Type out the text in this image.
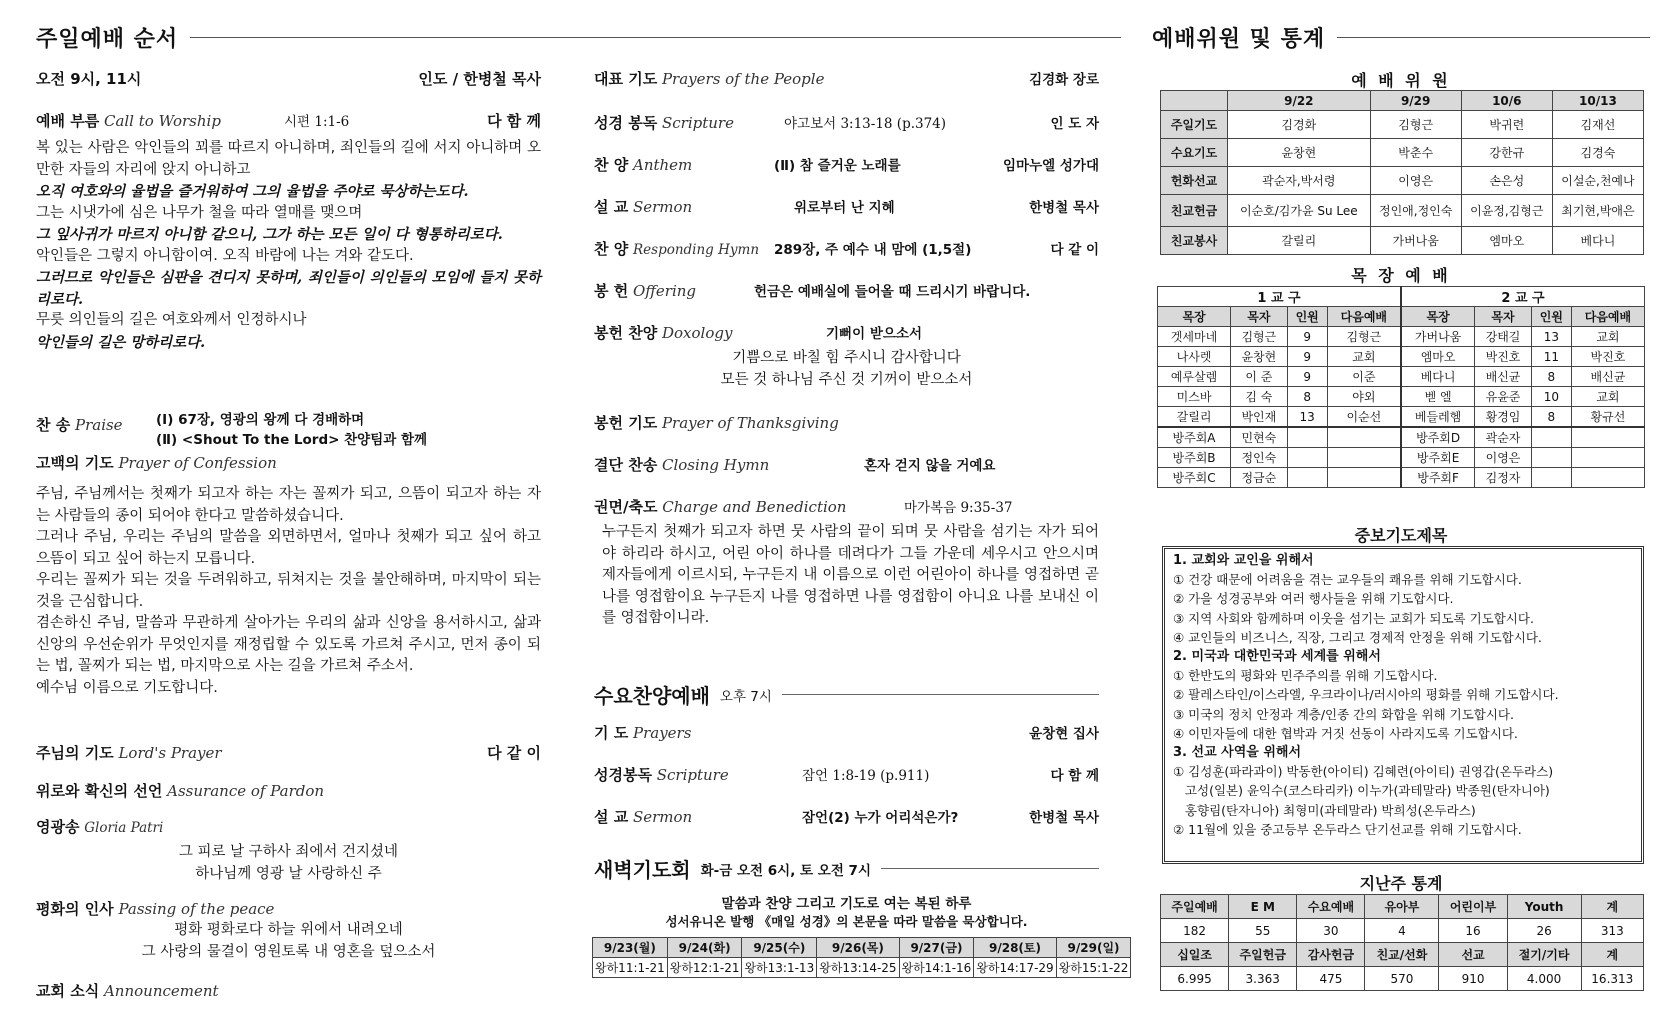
주일예배 순서
오전 9시, 11시	인도 / 한병철 목사
예배 부름 Call to Worship	시편 1:1-6	다 함 께
복 있는 사람은 악인들의 꾀를 따르지 아니하며, 죄인들의 길에 서지 아니하며 오만한 자들의 자리에 앉지 아니하고
오직 여호와의 율법을 즐거워하여 그의 율법을 주야로 묵상하는도다.
그는 시냇가에 심은 나무가 철을 따라 열매를 맺으며
그 잎사귀가 마르지 아니함 같으니, 그가 하는 모든 일이 다 형통하리로다.
악인들은 그렇지 아니함이여. 오직 바람에 나는 겨와 같도다.
그러므로 악인들은 심판을 견디지 못하며, 죄인들이 의인들의 모임에 들지 못하리로다.
무릇 의인들의 길은 여호와께서 인정하시나
악인들의 길은 망하리로다.
찬 송 Praise (Ⅰ) 67장, 영광의 왕께 다 경배하며
(Ⅱ) <Shout To the Lord> 찬양팀과 함께
고백의 기도 Prayer of Confession
주님, 주님께서는 첫째가 되고자 하는 자는 꼴찌가 되고, 으뜸이 되고자 하는 자는 사람들의 종이 되어야 한다고 말씀하셨습니다.
그러나 주님, 우리는 주님의 말씀을 외면하면서, 얼마나 첫째가 되고 싶어 하고 으뜸이 되고 싶어 하는지 모릅니다.
우리는 꼴찌가 되는 것을 두려워하고, 뒤쳐지는 것을 불안해하며, 마지막이 되는 것을 근심합니다.
겸손하신 주님, 말씀과 무관하게 살아가는 우리의 삶과 신앙을 용서하시고, 삶과 신앙의 우선순위가 무엇인지를 재정립할 수 있도록 가르쳐 주시고, 먼저 종이 되는 법, 꼴찌가 되는 법, 마지막으로 사는 길을 가르쳐 주소서.
예수님 이름으로 기도합니다.
주님의 기도 Lord's Prayer	다 같 이
위로와 확신의 선언 Assurance of Pardon
영광송 Gloria Patri
그 피로 날 구하사 죄에서 건지셨네
하나님께 영광 날 사랑하신 주
평화의 인사 Passing of the peace
평화 평화로다 하늘 위에서 내려오네
그 사랑의 물결이 영원토록 내 영혼을 덮으소서
교회 소식 Announcement
대표 기도 Prayers of the People	김경화 장로
성경 봉독 Scripture	야고보서 3:13-18 (p.374)	인 도 자
찬 양 Anthem	(Ⅱ) 참 즐거운 노래를	임마누엘 성가대
설 교 Sermon	위로부터 난 지혜	한병철 목사
찬 양 Responding Hymn 289장, 주 예수 내 맘에 (1,5절)	다 같 이
봉 헌 Offering	헌금은 예배실에 들어올 때 드리시기 바랍니다.
봉헌 찬양 Doxology	기뻐이 받으소서
기쁨으로 바칠 힘 주시니 감사합니다
모든 것 하나님 주신 것 기꺼이 받으소서
봉헌 기도 Prayer of Thanksgiving
결단 찬송 Closing Hymn	혼자 걷지 않을 거예요
권면/축도 Charge and Benediction	마가복음 9:35-37
누구든지 첫째가 되고자 하면 뭇 사람의 끝이 되며 뭇 사람을 섬기는 자가 되어야 하리라 하시고, 어린 아이 하나를 데려다가 그들 가운데 세우시고 안으시며 제자들에게 이르시되, 누구든지 내 이름으로 이런 어린아이 하나를 영접하면 곧 나를 영접함이요 누구든지 나를 영접하면 나를 영접함이 아니요 나를 보내신 이를 영접함이니라.
수요찬양예배 오후 7시
기 도 Prayers	윤창현 집사
성경봉독 Scripture	잠언 1:8-19 (p.911)	다 함 께
설 교 Sermon	잠언(2) 누가 어리석은가?	한병철 목사
새벽기도회 화-금 오전 6시, 토 오전 7시
말씀과 찬양 그리고 기도로 여는 복된 하루
성서유니온 발행 《매일 성경》의 본문을 따라 말씀을 묵상합니다.
9/23(월)	9/24(화)	9/25(수)	9/26(목)	9/27(금)	9/28(토)	9/29(일)
왕하11:1-21	왕하12:1-21	왕하13:1-13	왕하13:14-25	왕하14:1-16	왕하14:17-29	왕하15:1-22
예배위원 및 통계
예 배 위 원
	9/22	9/29	10/6	10/13
주일기도	김경화	김형근	박귀련	김재선
수요기도	윤창현	박춘수	강한규	김경숙
헌화선교	곽순자,박서령	이영은	손은성	이설순,천예나
친교헌금	이순호/김가윤 Su Lee	정인애,정인숙	이윤정,김형근	최기현,박애은
친교봉사	갈릴리	가버나움	엠마오	베다니
목 장 예 배
1 교 구				2 교 구			
목장	목자	인원	다음예배	목장	목자	인원	다음예배
겟세마네	김형근	9	김형근	가버나움	강태길	13	교회
나사렛	윤창현	9	교회	엠마오	박진호	11	박진호
예루살렘	이 준	9	이준	베다니	배신균	8	배신균
미스바	김 숙	8	야외	벧 엘	유윤준	10	교회
갈릴리	박인재	13	이순선	베들레헴	황경임	8	황규선
방주회A	민현숙			방주회D	곽순자		
방주회B	정인숙			방주회E	이영은		
방주회C	정금순			방주회F	김정자		
중보기도제목
1. 교회와 교인을 위해서
① 건강 때문에 어려움을 겪는 교우들의 쾌유를 위해 기도합시다.
② 가을 성경공부와 여러 행사들을 위해 기도합시다.
③ 지역 사회와 함께하며 이웃을 섬기는 교회가 되도록 기도합시다.
④ 교인들의 비즈니스, 직장, 그리고 경제적 안정을 위해 기도합시다.
2. 미국과 대한민국과 세계를 위해서
① 한반도의 평화와 민주주의를 위해 기도합시다.
② 팔레스타인/이스라엘, 우크라이나/러시아의 평화를 위해 기도합시다.
③ 미국의 정치 안정과 계층/인종 간의 화합을 위해 기도합시다.
④ 이민자들에 대한 협박과 거짓 선동이 사라지도록 기도합시다.
3. 선교 사역을 위해서
① 김성훈(파라과이) 박동한(아이티) 김혜련(아이티) 권영갑(온두라스)
고성(일본) 윤익수(코스타리카) 이누가(과테말라) 박종원(탄자니아)
홍향림(탄자니아) 최형미(과테말라) 박희성(온두라스)
② 11월에 있을 중고등부 온두라스 단기선교를 위해 기도합시다.
지난주 통계
주일예배	E M	수요예배	유아부	어린이부	Youth	계
182	55	30	4	16	26	313
십일조	주일헌금	감사헌금	친교/선화	선교	절기/기타	계
6.995	3.363	475	570	910	4.000	16.313
